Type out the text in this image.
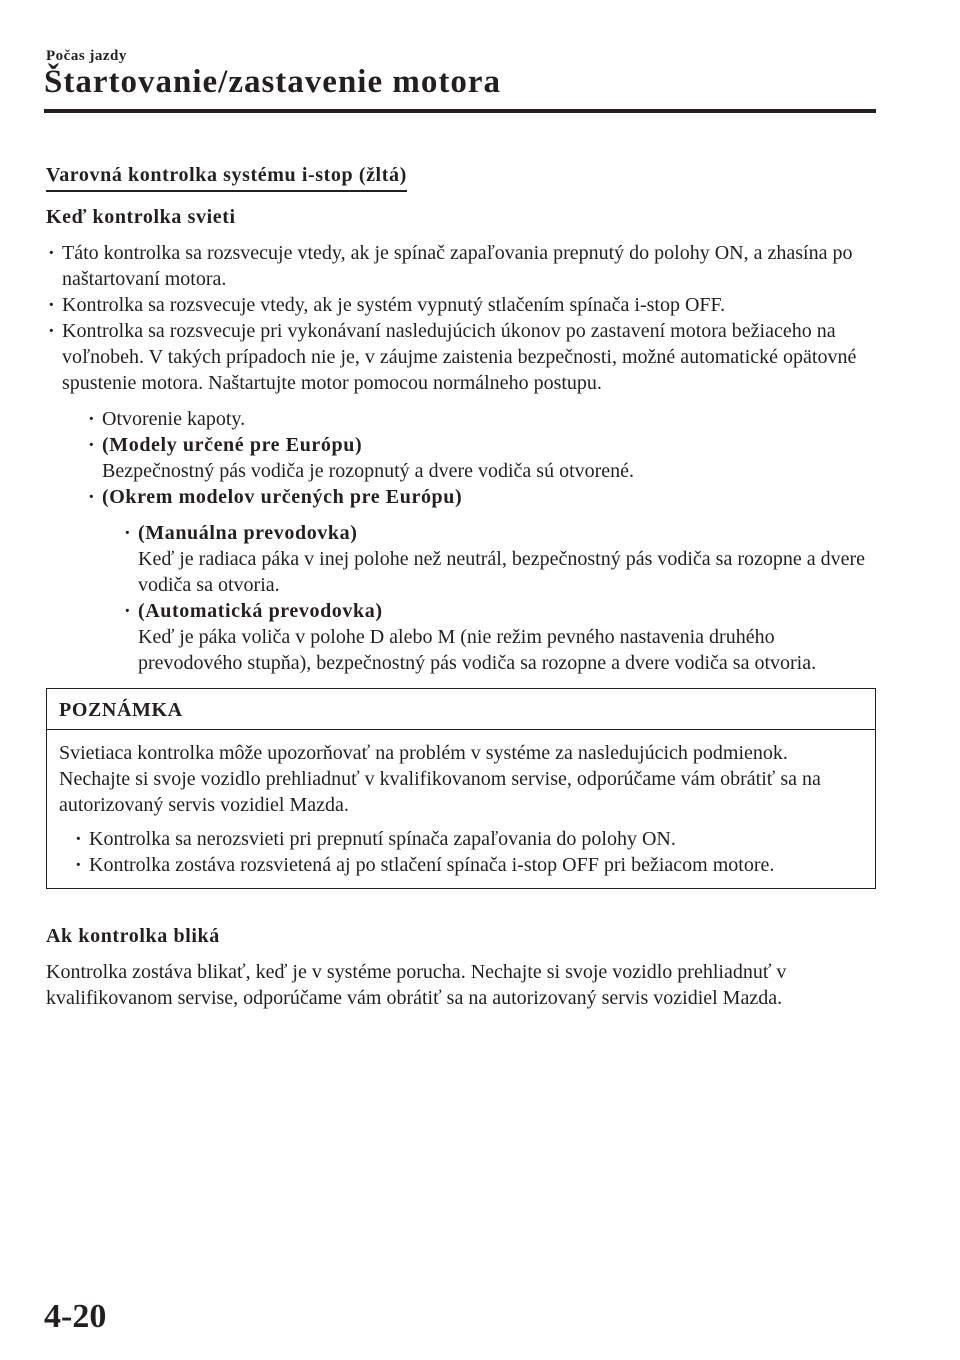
Počas jazdy
Štartovanie/zastavenie motora
Varovná kontrolka systému i-stop (žltá)
Keď kontrolka svieti
· Táto kontrolka sa rozsvecuje vtedy, ak je spínač zapaľovania prepnutý do polohy ON, a zhasína po naštartovaní motora.
· Kontrolka sa rozsvecuje vtedy, ak je systém vypnutý stlačením spínača i-stop OFF.
· Kontrolka sa rozsvecuje pri vykonávaní nasledujúcich úkonov po zastavení motora bežiaceho na voľnobeh. V takých prípadoch nie je, v záujme zaistenia bezpečnosti, možné automatické opätovné spustenie motora. Naštartujte motor pomocou normálneho postupu.
· Otvorenie kapoty.
· (Modely určené pre Európu)
Bezpečnostný pás vodiča je rozopnutý a dvere vodiča sú otvorené.
· (Okrem modelov určených pre Európu)
· (Manuálna prevodovka)
Keď je radiaca páka v inej polohe než neutrál, bezpečnostný pás vodiča sa rozopne a dvere vodiča sa otvoria.
· (Automatická prevodovka)
Keď je páka voliča v polohe D alebo M (nie režim pevného nastavenia druhého prevodového stupňa), bezpečnostný pás vodiča sa rozopne a dvere vodiča sa otvoria.
POZNÁMKA

Svietiaca kontrolka môže upozorňovať na problém v systéme za nasledujúcich podmienok. Nechajte si svoje vozidlo prehliadnuť v kvalifikovanom servise, odporúčame vám obrátiť sa na autorizovaný servis vozidiel Mazda.

· Kontrolka sa nerozsvieti pri prepnutí spínača zapaľovania do polohy ON.
· Kontrolka zostáva rozsvietená aj po stlačení spínača i-stop OFF pri bežiacom motore.
Ak kontrolka bliká

Kontrolka zostáva blikať, keď je v systéme porucha. Nechajte si svoje vozidlo prehliadnuť v kvalifikovanom servise, odporúčame vám obrátiť sa na autorizovaný servis vozidiel Mazda.

4-20
